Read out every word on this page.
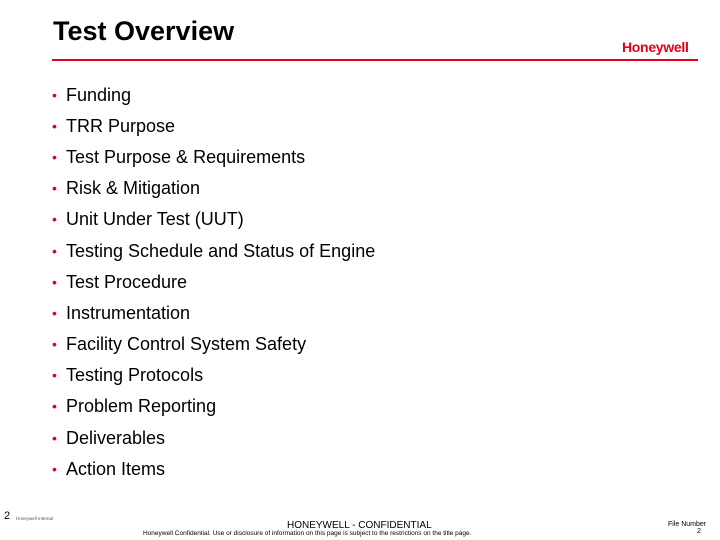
Test Overview
Honeywell
• Funding
• TRR Purpose
• Test Purpose & Requirements
• Risk & Mitigation
• Unit Under Test (UUT)
• Testing Schedule and Status of Engine
• Test Procedure
• Instrumentation
• Facility Control System Safety
• Testing Protocols
• Problem Reporting
• Deliverables
• Action Items
2 Honeywell Internal
HONEYWELL - CONFIDENTIAL
Honeywell Confidential. Use or disclosure of information on this page is subject to the restrictions on the title page.
File Number
2
